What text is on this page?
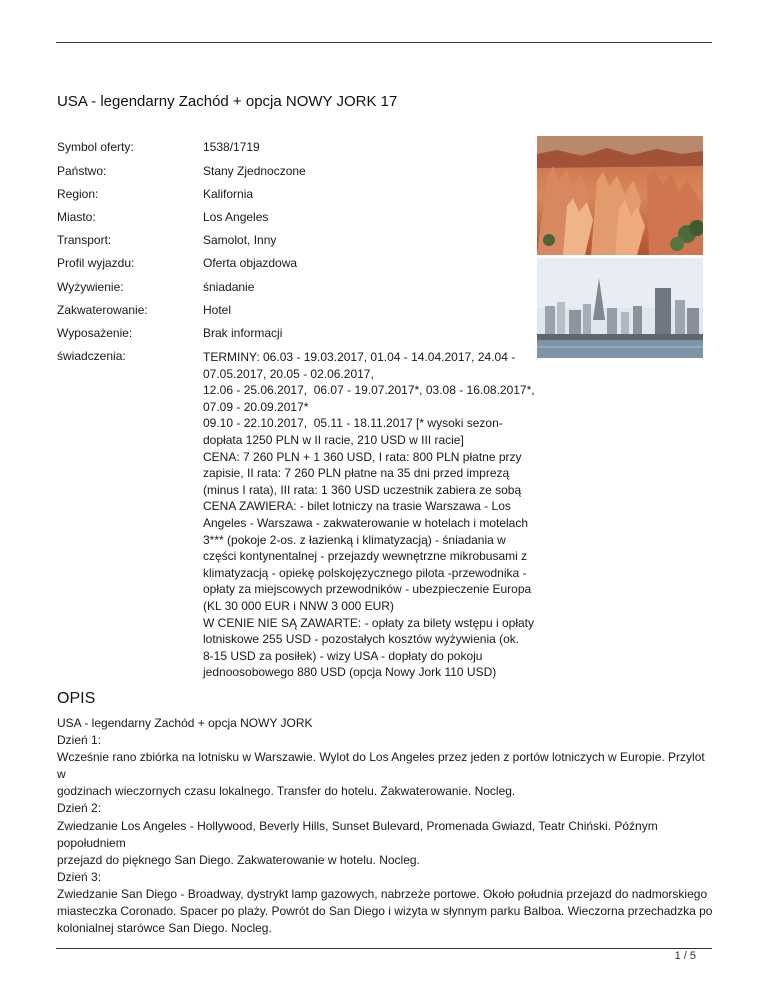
USA - legendarny Zachód + opcja NOWY JORK 17
Symbol oferty:	1538/1719
Państwo:	Stany Zjednoczone
Region:	Kalifornia
Miasto:	Los Angeles
Transport:	Samolot, Inny
Profil wyjazdu:	Oferta objazdowa
Wyżywienie:	śniadanie
Zakwaterowanie:	Hotel
Wyposażenie:	Brak informacji
świadczenia:	TERMINY: 06.03 - 19.03.2017, 01.04 - 14.04.2017, 24.04 -
07.05.2017, 20.05 - 02.06.2017,
12.06 - 25.06.2017,  06.07 - 19.07.2017*, 03.08 - 16.08.2017*,
07.09 - 20.09.2017*
09.10 - 22.10.2017,  05.11 - 18.11.2017 [* wysoki sezon-
dopłata 1250 PLN w II racie, 210 USD w III racie]
CENA: 7 260 PLN + 1 360 USD, I rata: 800 PLN płatne przy
zapisie, II rata: 7 260 PLN płatne na 35 dni przed imprezą
(minus I rata), III rata: 1 360 USD uczestnik zabiera ze sobą
CENA ZAWIERA: - bilet lotniczy na trasie Warszawa - Los
Angeles - Warszawa - zakwaterowanie w hotelach i motelach
3*** (pokoje 2-os. z łazienką i klimatyzacją) - śniadania w
części kontynentalnej - przejazdy wewnętrzne mikrobusami z
klimatyzacją - opiekę polskojęzycznego pilota -przewodnika -
opłaty za miejscowych przewodników - ubezpieczenie Europa
(KL 30 000 EUR i NNW 3 000 EUR)
W CENIE NIE SĄ ZAWARTE: - opłaty za bilety wstępu i opłaty
lotniskowe 255 USD - pozostałych kosztów wyżywienia (ok.
8-15 USD za posiłek) - wizy USA - dopłaty do pokoju
jednoosobowego 880 USD (opcja Nowy Jork 110 USD)
OPIS
USA - legendarny Zachód + opcja NOWY JORK
Dzień 1:
Wcześnie rano zbiórka na lotnisku w Warszawie. Wylot do Los Angeles przez jeden z portów lotniczych w Europie. Przylot w
godzinach wieczornych czasu lokalnego. Transfer do hotelu. Zakwaterowanie. Nocleg.
Dzień 2:
Zwiedzanie Los Angeles - Hollywood, Beverly Hills, Sunset Bulevard, Promenada Gwiazd, Teatr Chiński. Późnym popołudniem
przejazd do pięknego San Diego. Zakwaterowanie w hotelu. Nocleg.
Dzień 3:
Zwiedzanie San Diego - Broadway, dystrykt lamp gazowych, nabrzeże portowe. Około południa przejazd do nadmorskiego
miasteczka Coronado. Spacer po plaży. Powrót do San Diego i wizyta w słynnym parku Balboa. Wieczorna przechadzka po
kolonialnej starówce San Diego. Nocleg.
1 / 5
